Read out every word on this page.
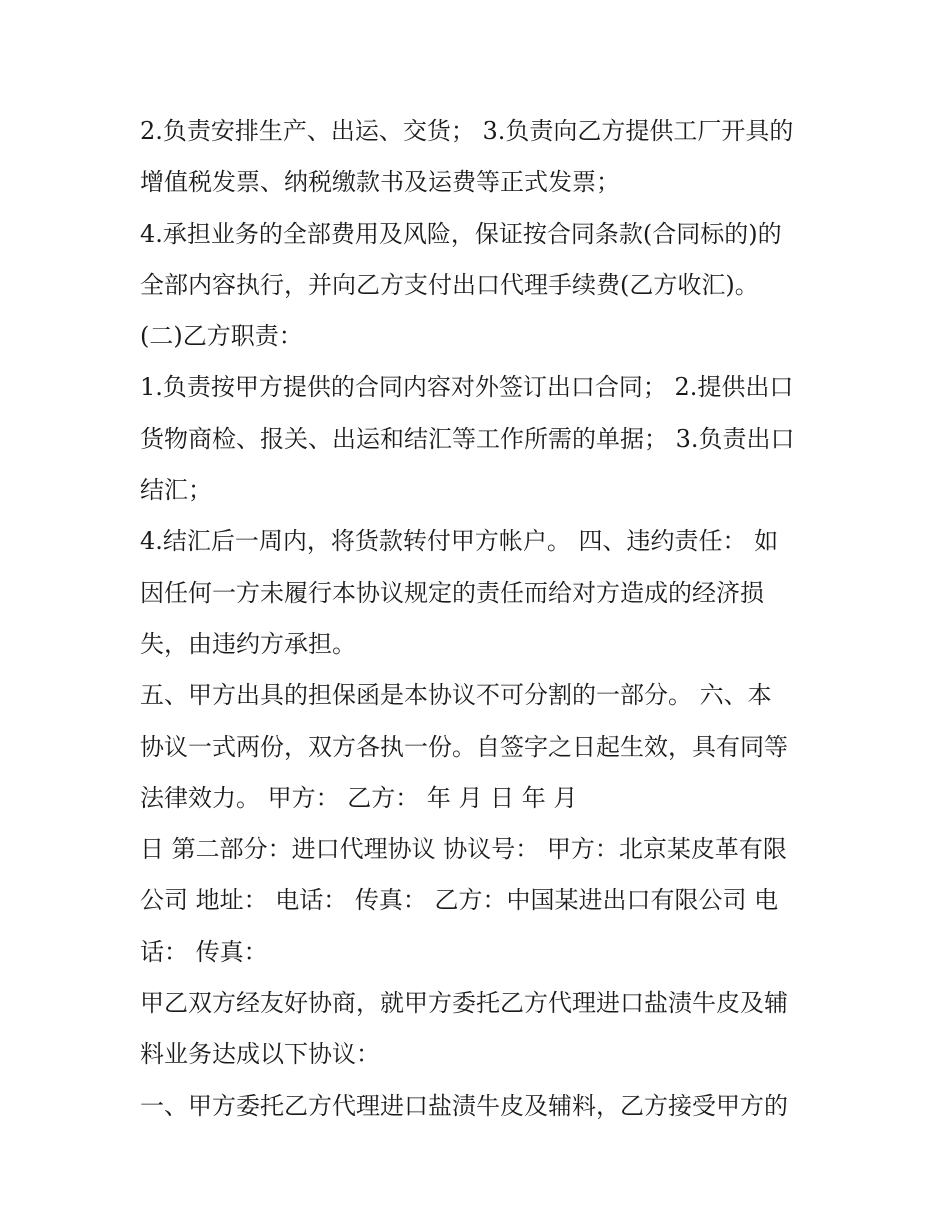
2.负责安排生产、出运、交货； 3.负责向乙方提供工厂开具的
增值税发票、纳税缴款书及运费等正式发票；
4.承担业务的全部费用及风险，保证按合同条款(合同标的)的
全部内容执行，并向乙方支付出口代理手续费(乙方收汇)。
(二)乙方职责：
1.负责按甲方提供的合同内容对外签订出口合同； 2.提供出口
货物商检、报关、出运和结汇等工作所需的单据； 3.负责出口
结汇；
4.结汇后一周内，将货款转付甲方帐户。 四、违约责任： 如
因任何一方未履行本协议规定的责任而给对方造成的经济损
失，由违约方承担。
五、甲方出具的担保函是本协议不可分割的一部分。 六、本
协议一式两份，双方各执一份。自签字之日起生效，具有同等
法律效力。 甲方： 乙方： 年 月 日 年 月
日 第二部分：进口代理协议 协议号： 甲方：北京某皮革有限
公司 地址： 电话： 传真： 乙方：中国某进出口有限公司 电
话： 传真：
甲乙双方经友好协商，就甲方委托乙方代理进口盐渍牛皮及辅
料业务达成以下协议：
一、甲方委托乙方代理进口盐渍牛皮及辅料，乙方接受甲方的
